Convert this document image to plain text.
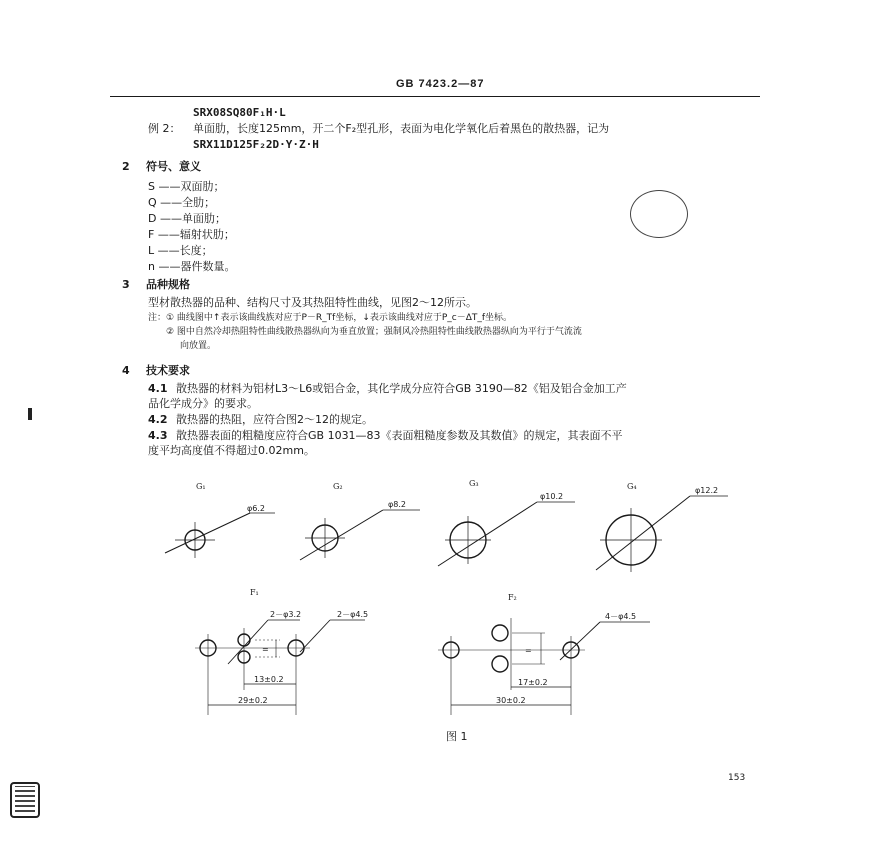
GB 7423.2—87
SRX08SQ80F₁H·L
例 2： 单面肋，长度125mm，开二个F₂型孔形，表面为电化学氧化后着黑色的散热器，记为
SRX11D125F₂2D·Y·Z·H
2 符号、意义
S ——双面肋；
Q ——全肋；
D ——单面肋；
F ——辐射状肋；
L ——长度；
n ——器件数量。
3 品种规格
型材散热器的品种、结构尺寸及其热阻特性曲线，见图2～12所示。
注：① 曲线图中↑表示该曲线族对应于P－R_Tf坐标，↓表示该曲线对应于P_c－ΔT_f坐标。
② 图中自然冷却热阻特性曲线散热器纵向为垂直放置；强制风冷热阻特性曲线散热器纵向为平行于气流流
向放置。
4 技术要求
4.1 散热器的材料为铝材L3～L6或铝合金，其化学成分应符合GB 3190—82《铝及铝合金加工产
品化学成分》的要求。
4.2 散热器的热阻，应符合图2～12的规定。
4.3 散热器表面的粗糙度应符合GB 1031—83《表面粗糙度参数及其数值》的规定，其表面不平
度平均高度值不得超过0.02mm。
G₁
φ6.2
G₂
φ8.2
G₃
φ10.2
G₄	φ12.2
F₁
2－φ3.2	2－φ4.5
=
13±0.2
29±0.2
F₂
4－φ4.5
=
17±0.2
30±0.2
图 1
153
